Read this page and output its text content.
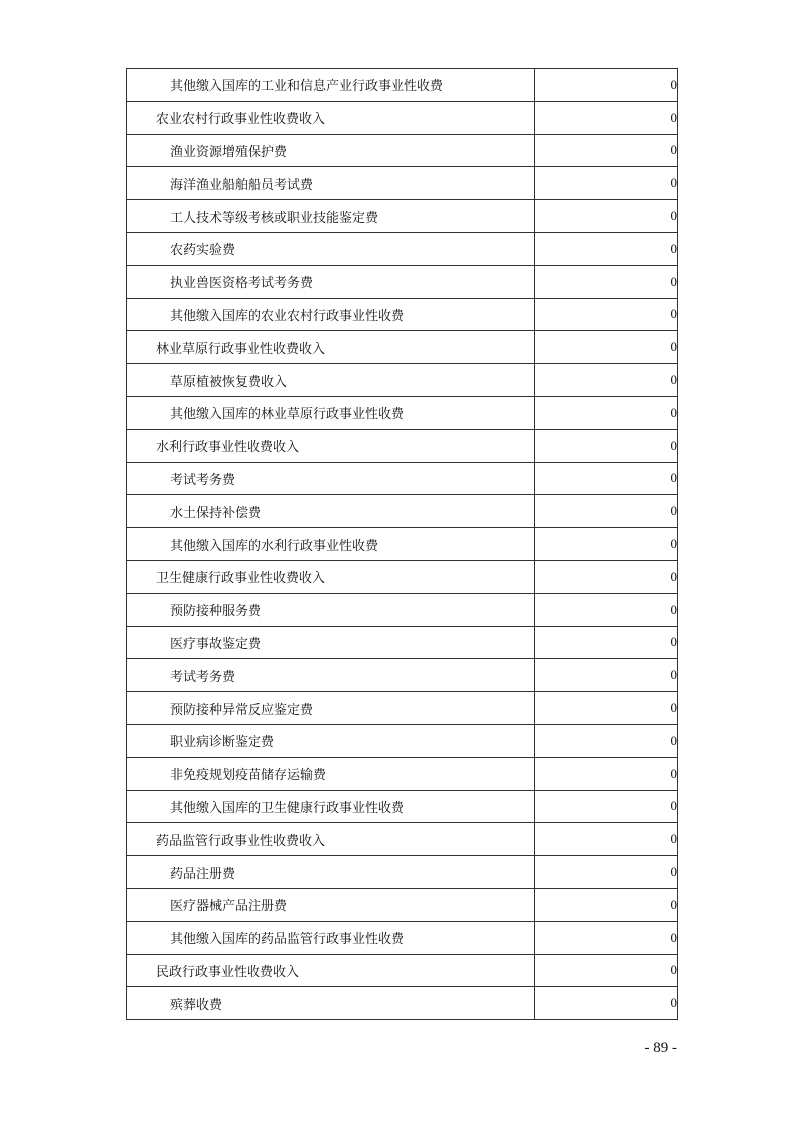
其他缴入国库的工业和信息产业行政事业性收费	0
农业农村行政事业性收费收入	0
渔业资源增殖保护费	0
海洋渔业船舶船员考试费	0
工人技术等级考核或职业技能鉴定费	0
农药实验费	0
执业兽医资格考试考务费	0
其他缴入国库的农业农村行政事业性收费	0
林业草原行政事业性收费收入	0
草原植被恢复费收入	0
其他缴入国库的林业草原行政事业性收费	0
水利行政事业性收费收入	0
考试考务费	0
水土保持补偿费	0
其他缴入国库的水利行政事业性收费	0
卫生健康行政事业性收费收入	0
预防接种服务费	0
医疗事故鉴定费	0
考试考务费	0
预防接种异常反应鉴定费	0
职业病诊断鉴定费	0
非免疫规划疫苗储存运输费	0
其他缴入国库的卫生健康行政事业性收费	0
药品监管行政事业性收费收入	0
药品注册费	0
医疗器械产品注册费	0
其他缴入国库的药品监管行政事业性收费	0
民政行政事业性收费收入	0
殡葬收费	0
- 89 -
